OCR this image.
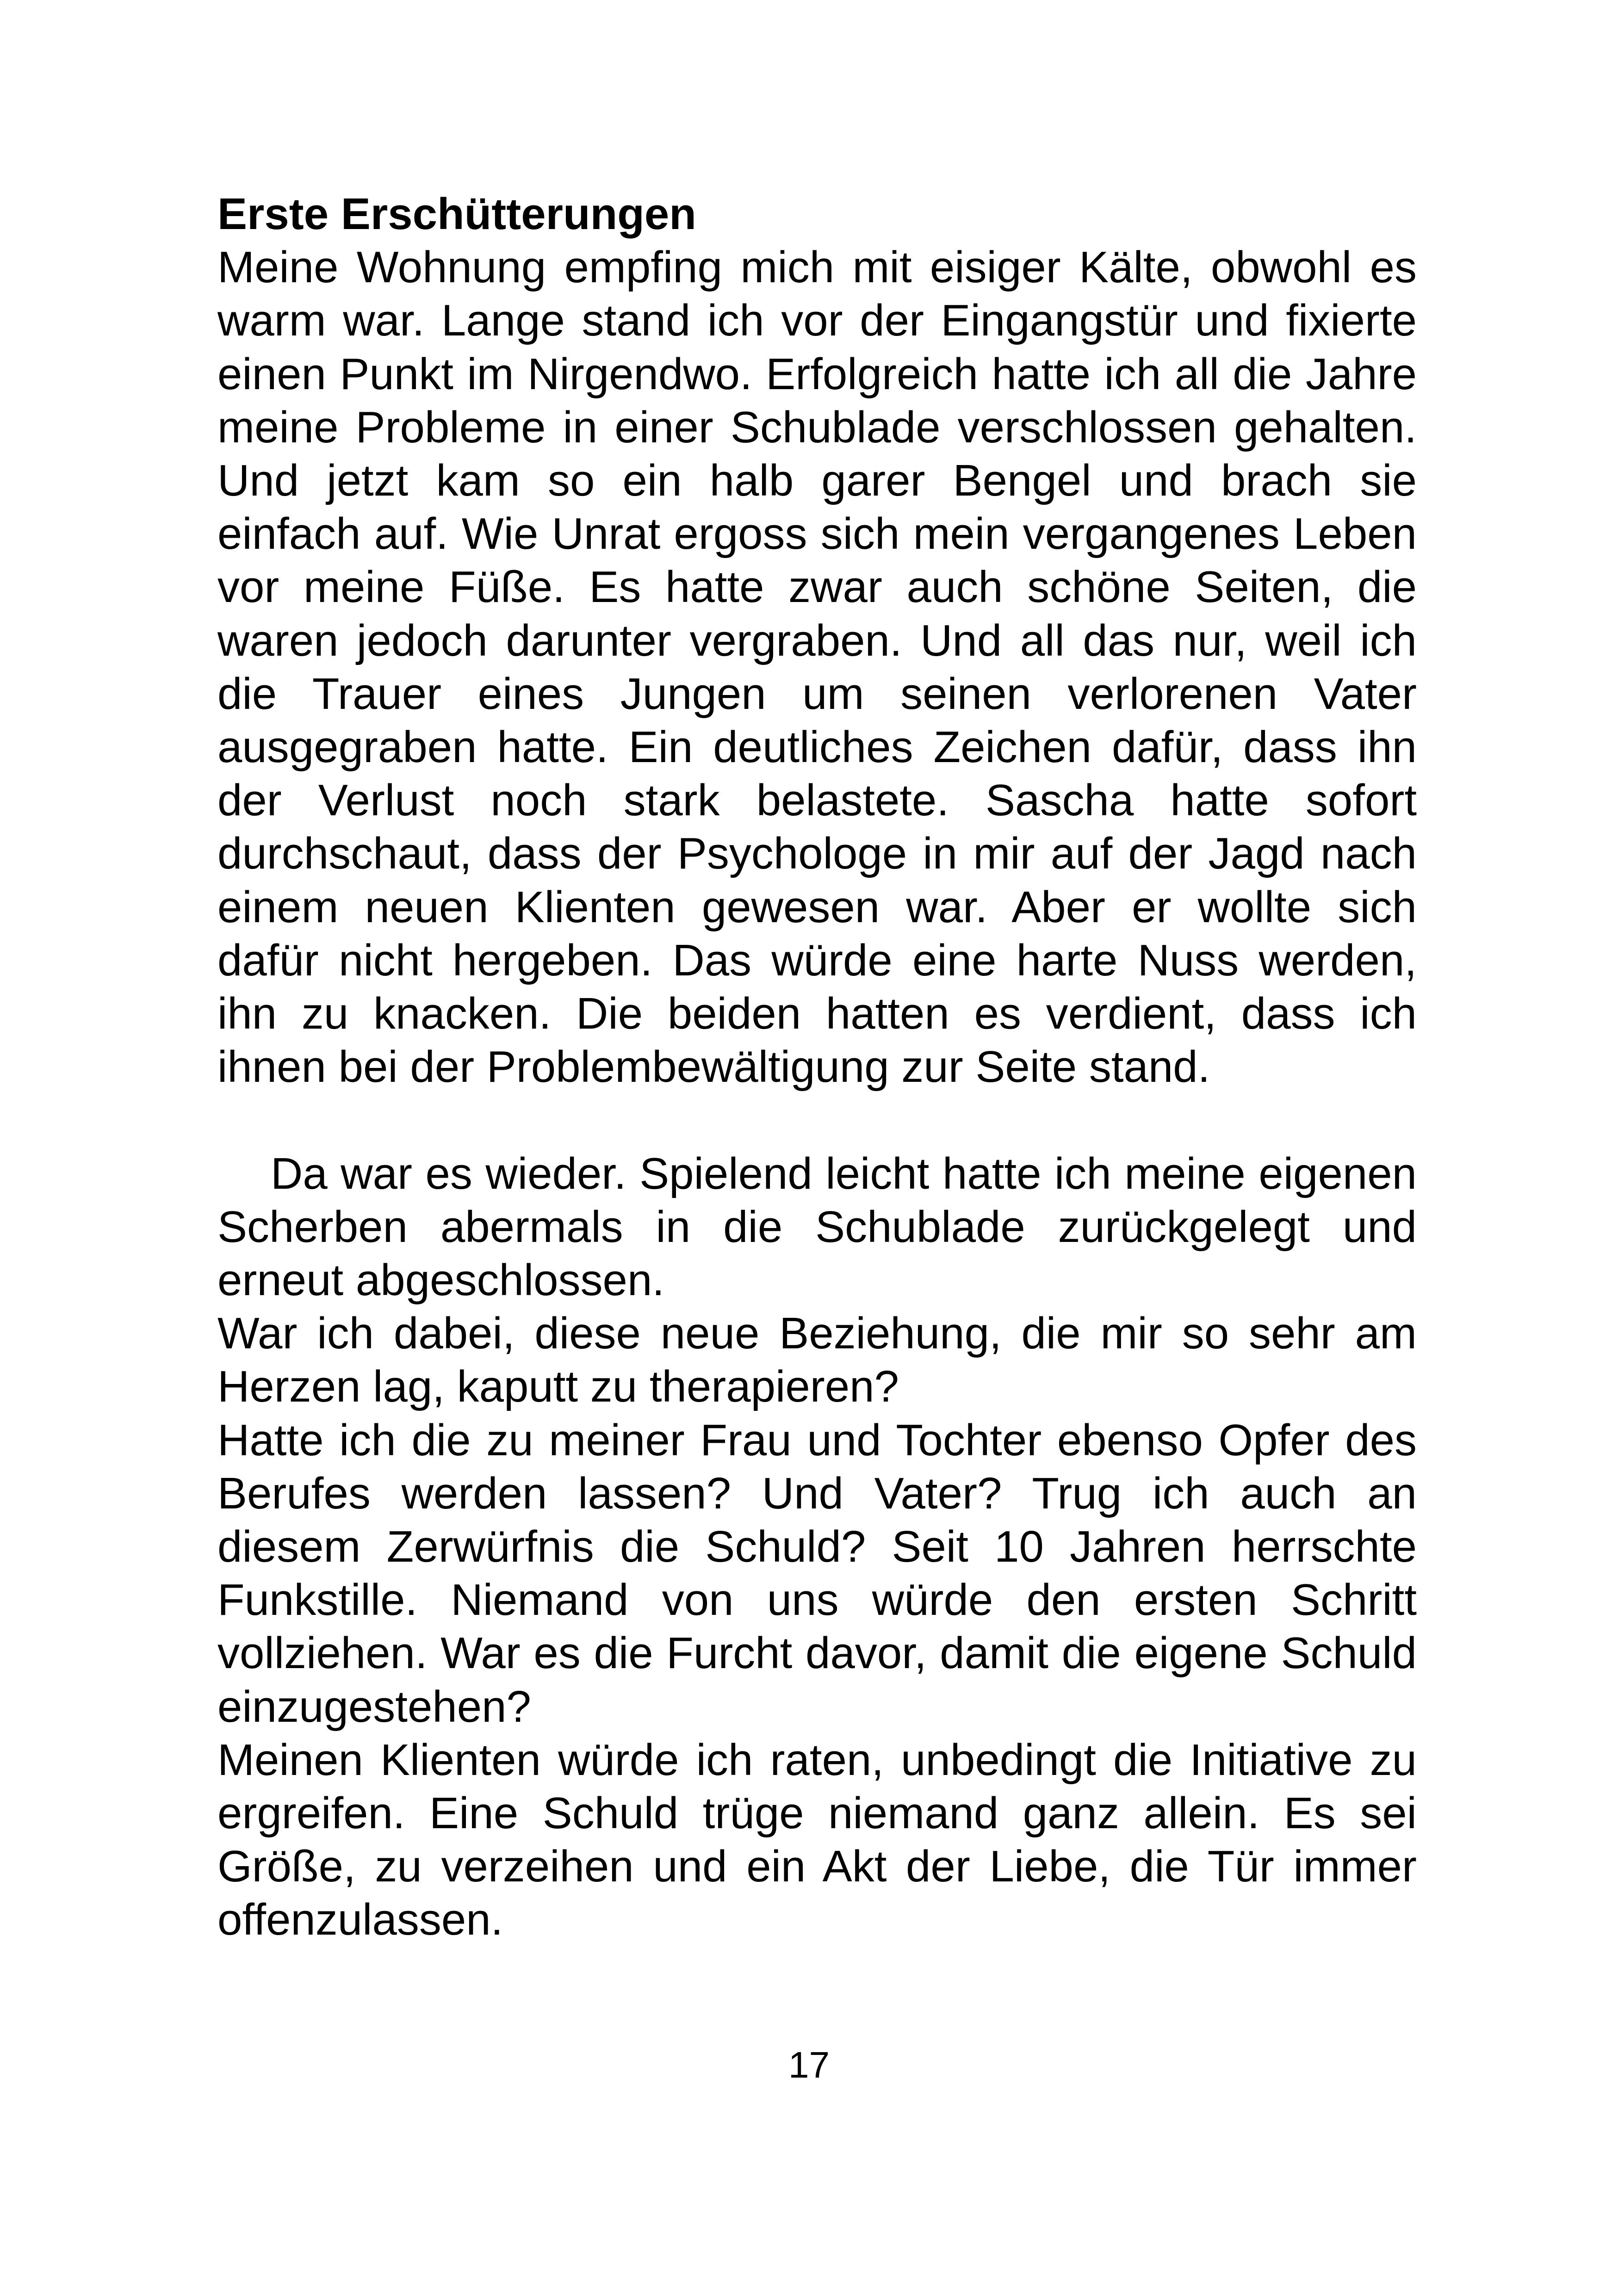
Erste Erschütterungen

Meine Wohnung empfing mich mit eisiger Kälte, obwohl es warm war. Lange stand ich vor der Eingangstür und fixierte einen Punkt im Nirgendwo. Erfolgreich hatte ich all die Jahre meine Probleme in einer Schublade verschlossen gehalten. Und jetzt kam so ein halb garer Bengel und brach sie einfach auf. Wie Unrat ergoss sich mein vergangenes Leben vor meine Füße. Es hatte zwar auch schöne Seiten, die waren jedoch darunter vergraben. Und all das nur, weil ich die Trauer eines Jungen um seinen verlorenen Vater ausgegraben hatte. Ein deutliches Zeichen dafür, dass ihn der Verlust noch stark belastete. Sascha hatte sofort durchschaut, dass der Psychologe in mir auf der Jagd nach einem neuen Klienten gewesen war. Aber er wollte sich dafür nicht hergeben. Das würde eine harte Nuss werden, ihn zu knacken. Die beiden hatten es verdient, dass ich ihnen bei der Problembewältigung zur Seite stand.

Da war es wieder. Spielend leicht hatte ich meine eigenen Scherben abermals in die Schublade zurückgelegt und erneut abgeschlossen.

War ich dabei, diese neue Beziehung, die mir so sehr am Herzen lag, kaputt zu therapieren?

Hatte ich die zu meiner Frau und Tochter ebenso Opfer des Berufes werden lassen? Und Vater? Trug ich auch an diesem Zerwürfnis die Schuld? Seit 10 Jahren herrschte Funkstille. Niemand von uns würde den ersten Schritt vollziehen. War es die Furcht davor, damit die eigene Schuld einzugestehen?

Meinen Klienten würde ich raten, unbedingt die Initiative zu ergreifen. Eine Schuld trüge niemand ganz allein. Es sei Größe, zu verzeihen und ein Akt der Liebe, die Tür immer offenzulassen.

17
